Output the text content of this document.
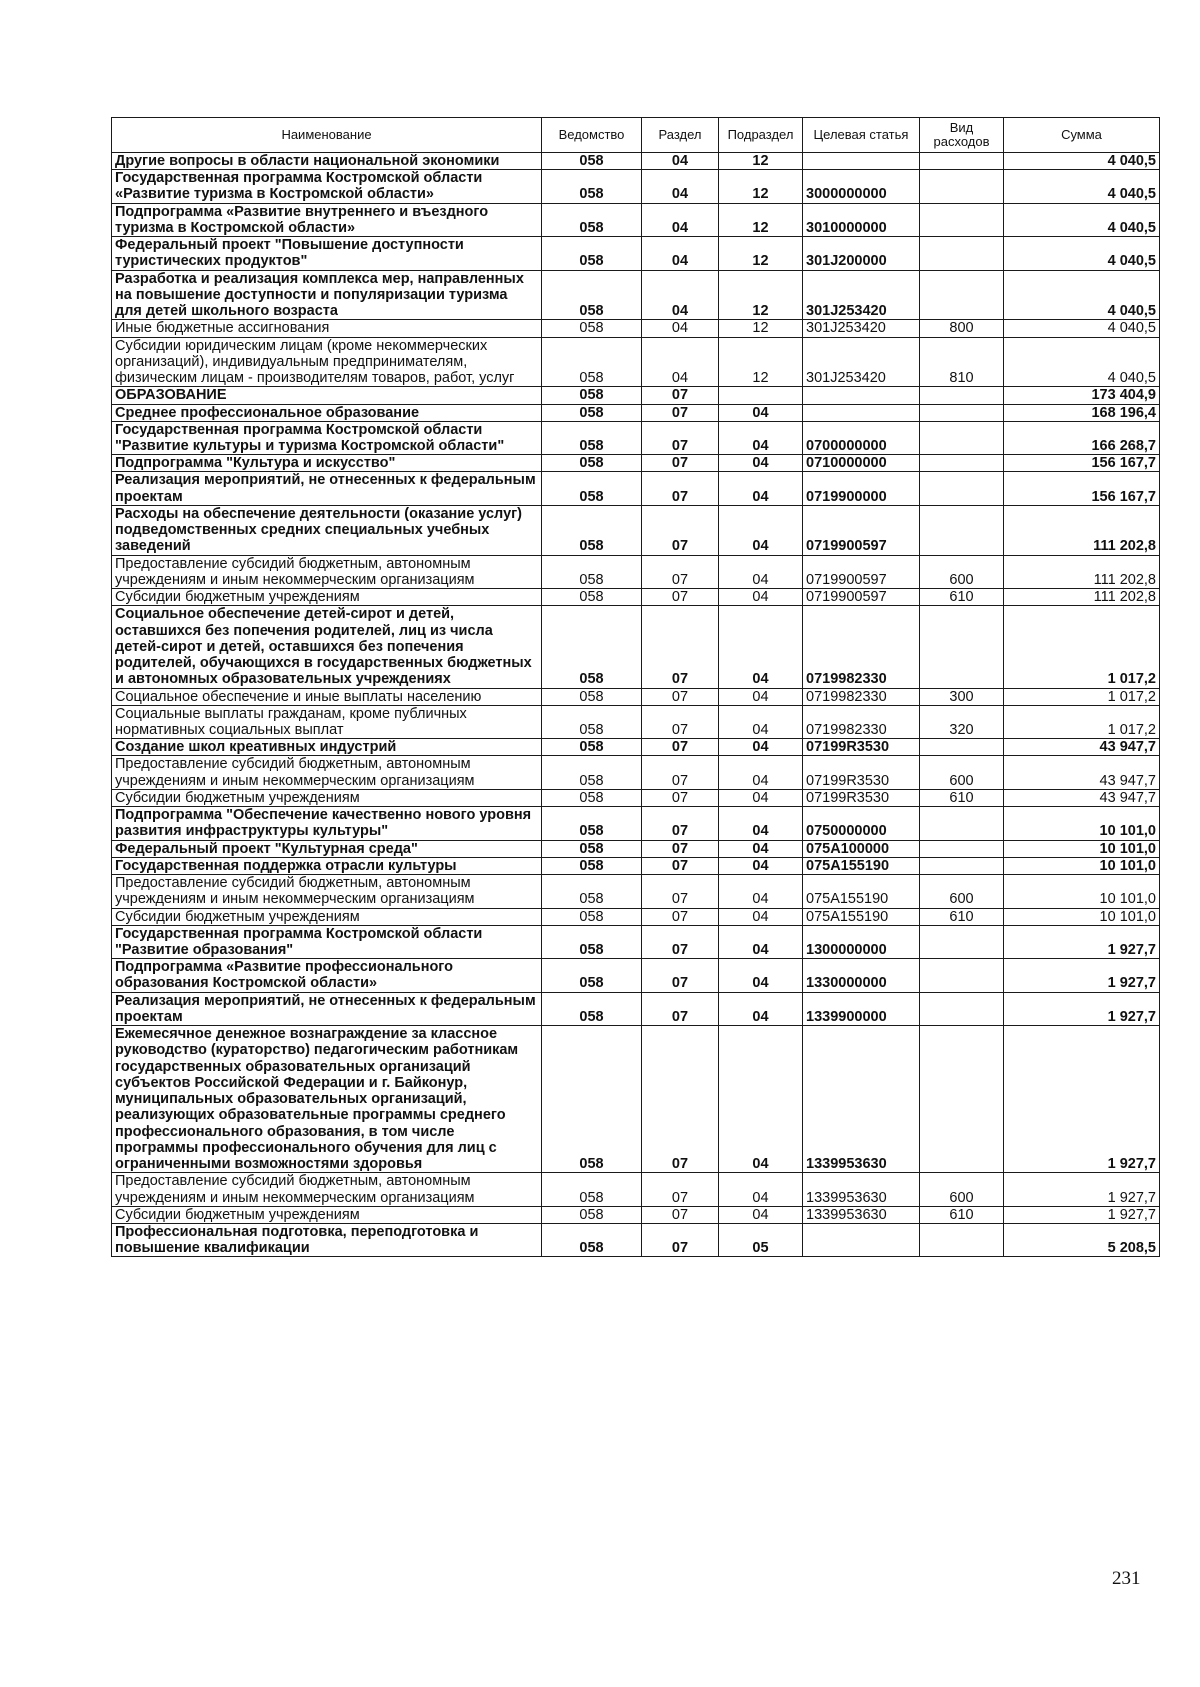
Наименование	Ведомство	Раздел	Подраздел	Целевая статья	Вид расходов	Сумма
Другие вопросы в области национальной экономики	058	04	12			4 040,5
Государственная программа Костромской области «Развитие туризма в Костромской области»	058	04	12	3000000000		4 040,5
Подпрограмма «Развитие внутреннего и въездного туризма в Костромской области»	058	04	12	3010000000		4 040,5
Федеральный проект "Повышение доступности туристических продуктов"	058	04	12	301J200000		4 040,5
Разработка и реализация комплекса мер, направленных на повышение доступности и популяризации туризма для детей школьного возраста	058	04	12	301J253420		4 040,5
Иные бюджетные ассигнования	058	04	12	301J253420	800	4 040,5
Субсидии юридическим лицам (кроме некоммерческих организаций), индивидуальным предпринимателям, физическим лицам - производителям товаров, работ, услуг	058	04	12	301J253420	810	4 040,5
ОБРАЗОВАНИЕ	058	07				173 404,9
Среднее профессиональное образование	058	07	04			168 196,4
Государственная программа Костромской области "Развитие культуры и туризма Костромской области"	058	07	04	0700000000		166 268,7
Подпрограмма "Культура и искусство"	058	07	04	0710000000		156 167,7
Реализация мероприятий, не отнесенных к федеральным проектам	058	07	04	0719900000		156 167,7
Расходы на обеспечение деятельности (оказание услуг) подведомственных средних специальных учебных заведений	058	07	04	0719900597		111 202,8
Предоставление субсидий бюджетным, автономным учреждениям и иным некоммерческим организациям	058	07	04	0719900597	600	111 202,8
Субсидии бюджетным учреждениям	058	07	04	0719900597	610	111 202,8
Социальное обеспечение детей-сирот и детей, оставшихся без попечения родителей, лиц из числа детей-сирот и детей, оставшихся без попечения родителей, обучающихся в государственных бюджетных и автономных образовательных учреждениях	058	07	04	0719982330		1 017,2
Социальное обеспечение и иные выплаты населению	058	07	04	0719982330	300	1 017,2
Социальные выплаты гражданам, кроме публичных нормативных социальных выплат	058	07	04	0719982330	320	1 017,2
Создание школ креативных индустрий	058	07	04	07199R3530		43 947,7
Предоставление субсидий бюджетным, автономным учреждениям и иным некоммерческим организациям	058	07	04	07199R3530	600	43 947,7
Субсидии бюджетным учреждениям	058	07	04	07199R3530	610	43 947,7
Подпрограмма "Обеспечение качественно нового уровня развития инфраструктуры культуры"	058	07	04	0750000000		10 101,0
Федеральный проект "Культурная среда"	058	07	04	075A100000		10 101,0
Государственная поддержка отрасли культуры	058	07	04	075A155190		10 101,0
Предоставление субсидий бюджетным, автономным учреждениям и иным некоммерческим организациям	058	07	04	075A155190	600	10 101,0
Субсидии бюджетным учреждениям	058	07	04	075A155190	610	10 101,0
Государственная программа Костромской области "Развитие образования"	058	07	04	1300000000		1 927,7
Подпрограмма «Развитие профессионального образования Костромской области»	058	07	04	1330000000		1 927,7
Реализация мероприятий, не отнесенных к федеральным проектам	058	07	04	1339900000		1 927,7
Ежемесячное денежное вознаграждение за классное руководство (кураторство) педагогическим работникам государственных образовательных организаций субъектов Российской Федерации и г. Байконур, муниципальных образовательных организаций, реализующих образовательные программы среднего профессионального образования, в том числе программы профессионального обучения для лиц с ограниченными возможностями здоровья	058	07	04	1339953630		1 927,7
Предоставление субсидий бюджетным, автономным учреждениям и иным некоммерческим организациям	058	07	04	1339953630	600	1 927,7
Субсидии бюджетным учреждениям	058	07	04	1339953630	610	1 927,7
Профессиональная подготовка, переподготовка и повышение квалификации	058	07	05			5 208,5
231
